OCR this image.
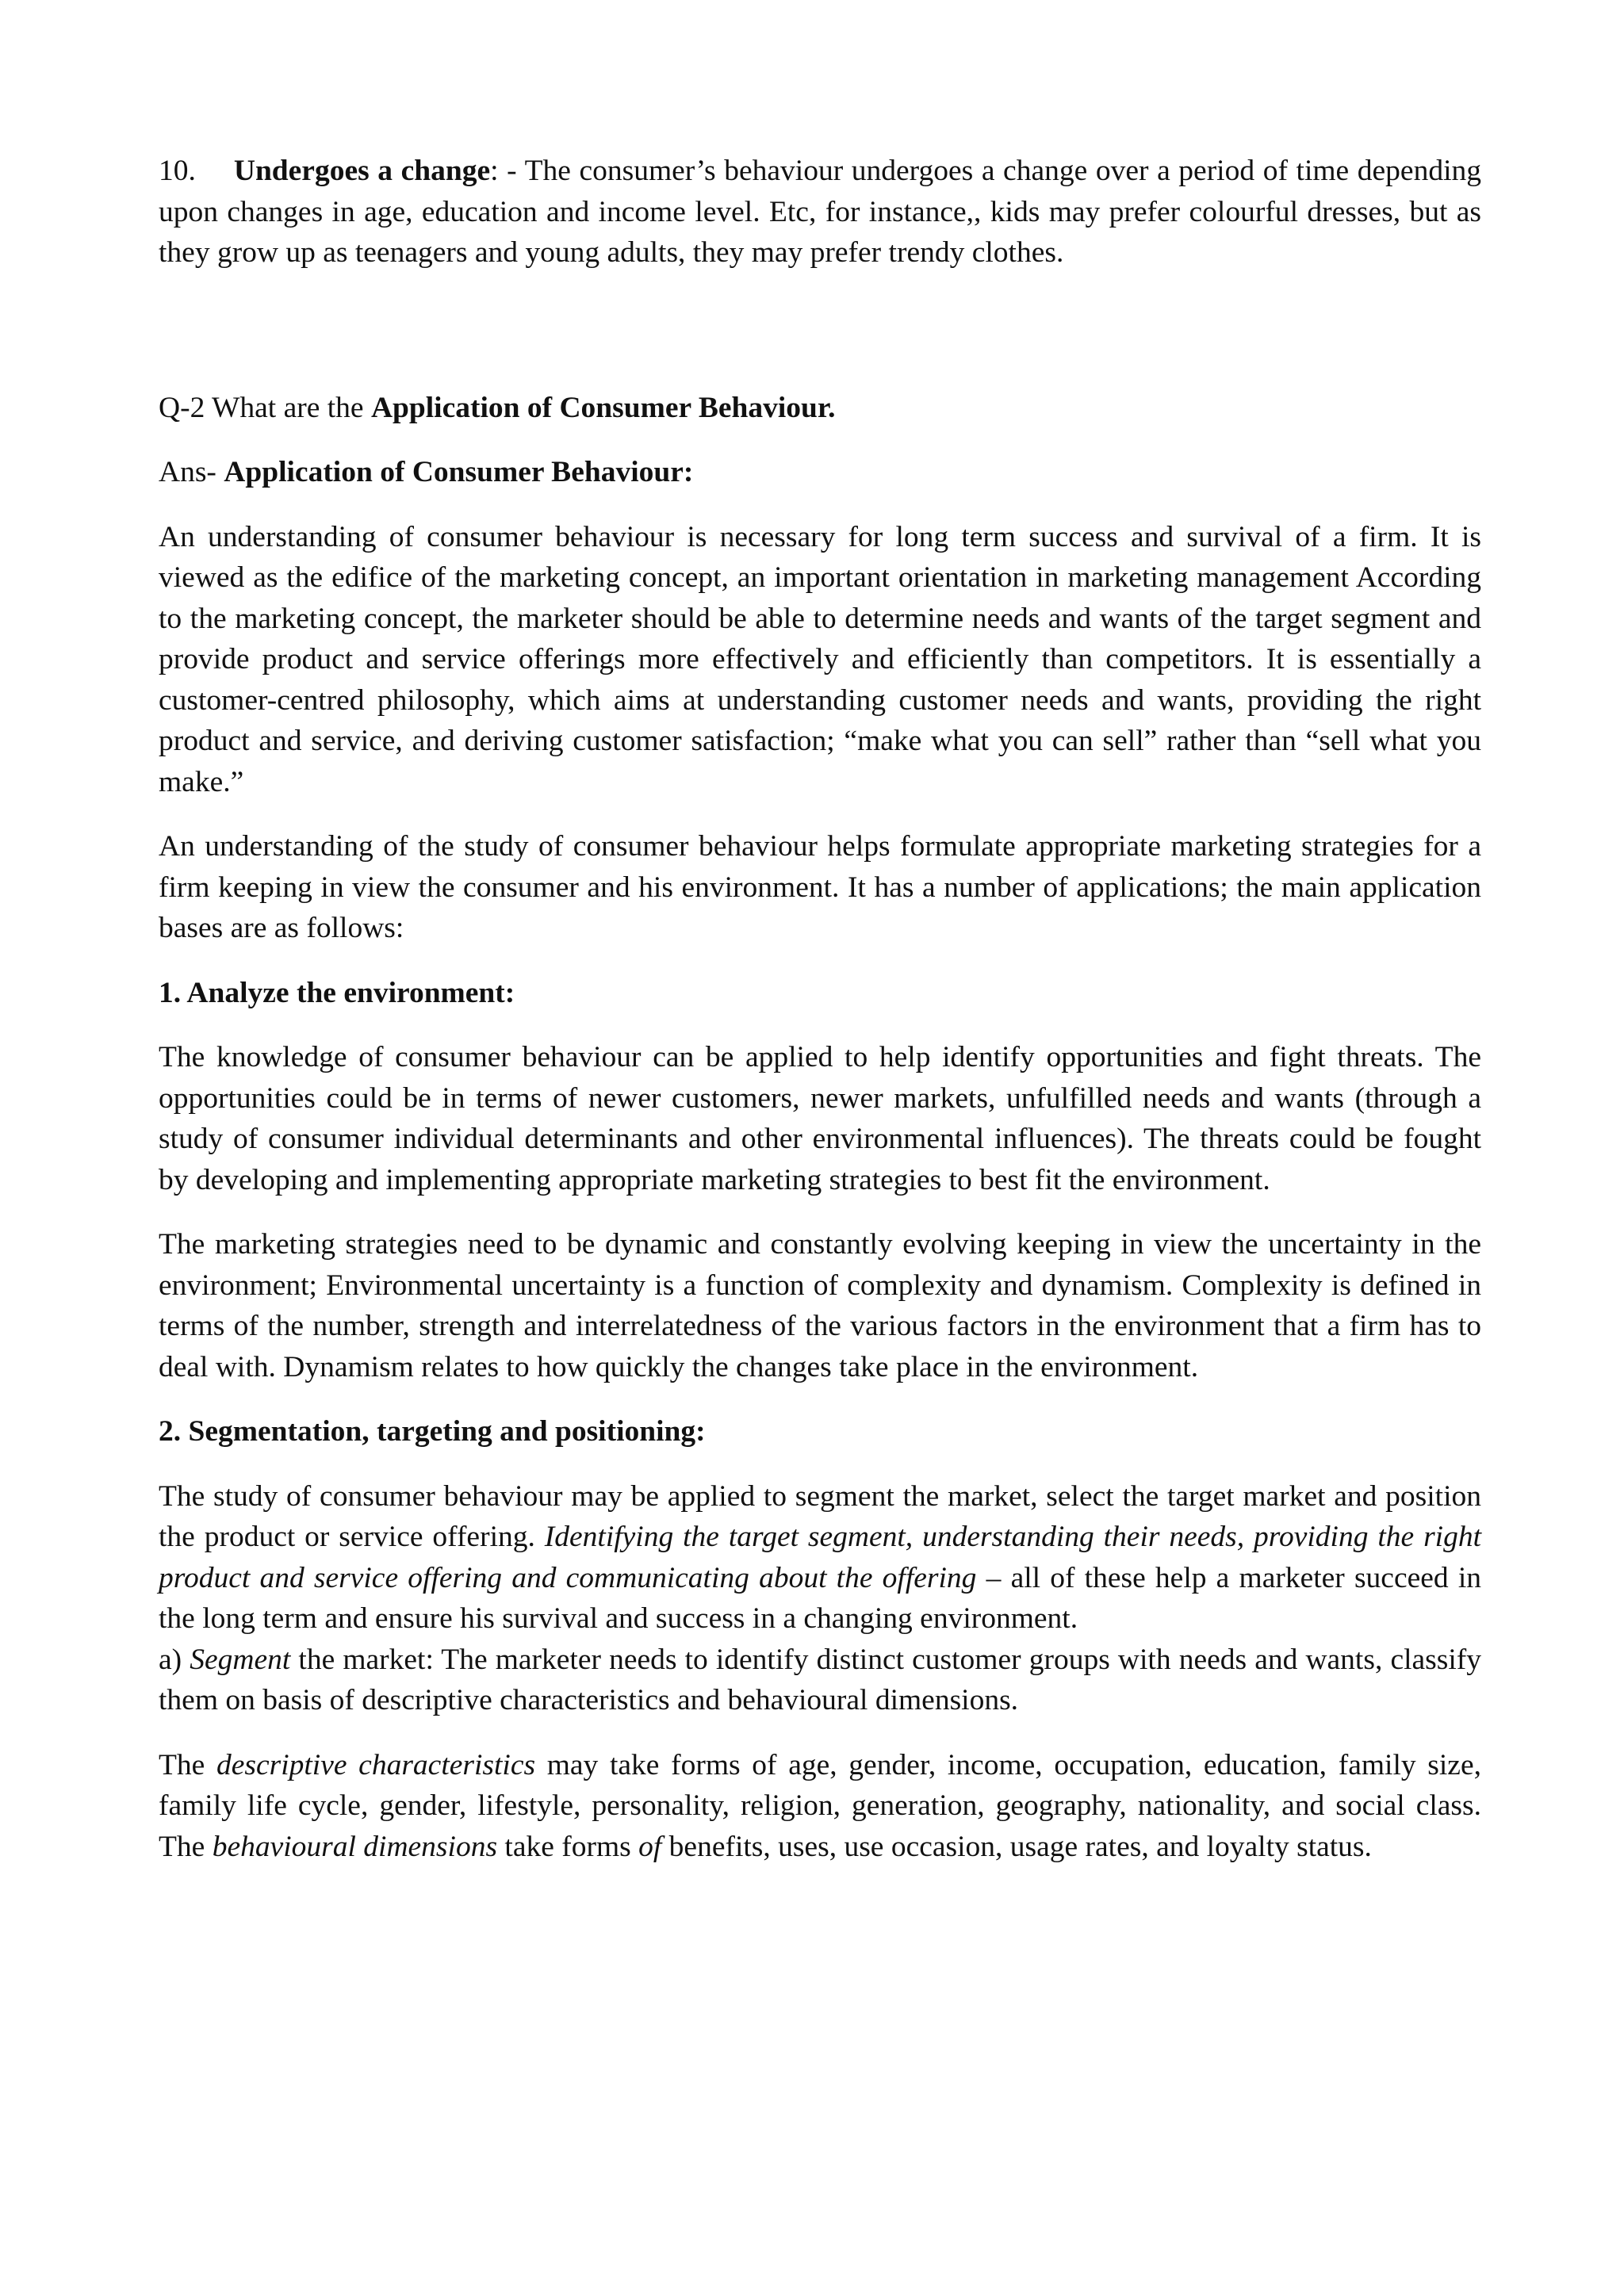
10. Undergoes a change: - The consumer’s behaviour undergoes a change over a period of time depending upon changes in age, education and income level. Etc, for instance,, kids may prefer colourful dresses, but as they grow up as teenagers and young adults, they may prefer trendy clothes.

Q-2 What are the Application of Consumer Behaviour.

Ans- Application of Consumer Behaviour:

An understanding of consumer behaviour is necessary for long term success and survival of a firm. It is viewed as the edifice of the marketing concept, an important orientation in marketing management According to the marketing concept, the marketer should be able to determine needs and wants of the target segment and provide product and service offerings more effectively and efficiently than competitors. It is essentially a customer-centred philosophy, which aims at understanding customer needs and wants, providing the right product and service, and deriving customer satisfaction; “make what you can sell” rather than “sell what you make.”

An understanding of the study of consumer behaviour helps formulate appropriate marketing strategies for a firm keeping in view the consumer and his environment. It has a number of applications; the main application bases are as follows:

1. Analyze the environment:

The knowledge of consumer behaviour can be applied to help identify opportunities and fight threats. The opportunities could be in terms of newer customers, newer markets, unfulfilled needs and wants (through a study of consumer individual determinants and other environmental influences). The threats could be fought by developing and implementing appropriate marketing strategies to best fit the environment.

The marketing strategies need to be dynamic and constantly evolving keeping in view the uncertainty in the environment; Environmental uncertainty is a function of complexity and dynamism. Complexity is defined in terms of the number, strength and interrelatedness of the various factors in the environment that a firm has to deal with. Dynamism relates to how quickly the changes take place in the environment.

2. Segmentation, targeting and positioning:

The study of consumer behaviour may be applied to segment the market, select the target market and position the product or service offering. Identifying the target segment, understanding their needs, providing the right product and service offering and communicating about the offering – all of these help a marketer succeed in the long term and ensure his survival and success in a changing environment.

a) Segment the market: The marketer needs to identify distinct customer groups with needs and wants, classify them on basis of descriptive characteristics and behavioural dimensions.

The descriptive characteristics may take forms of age, gender, income, occupation, education, family size, family life cycle, gender, lifestyle, personality, religion, generation, geography, nationality, and social class. The behavioural dimensions take forms of benefits, uses, use occasion, usage rates, and loyalty status.
